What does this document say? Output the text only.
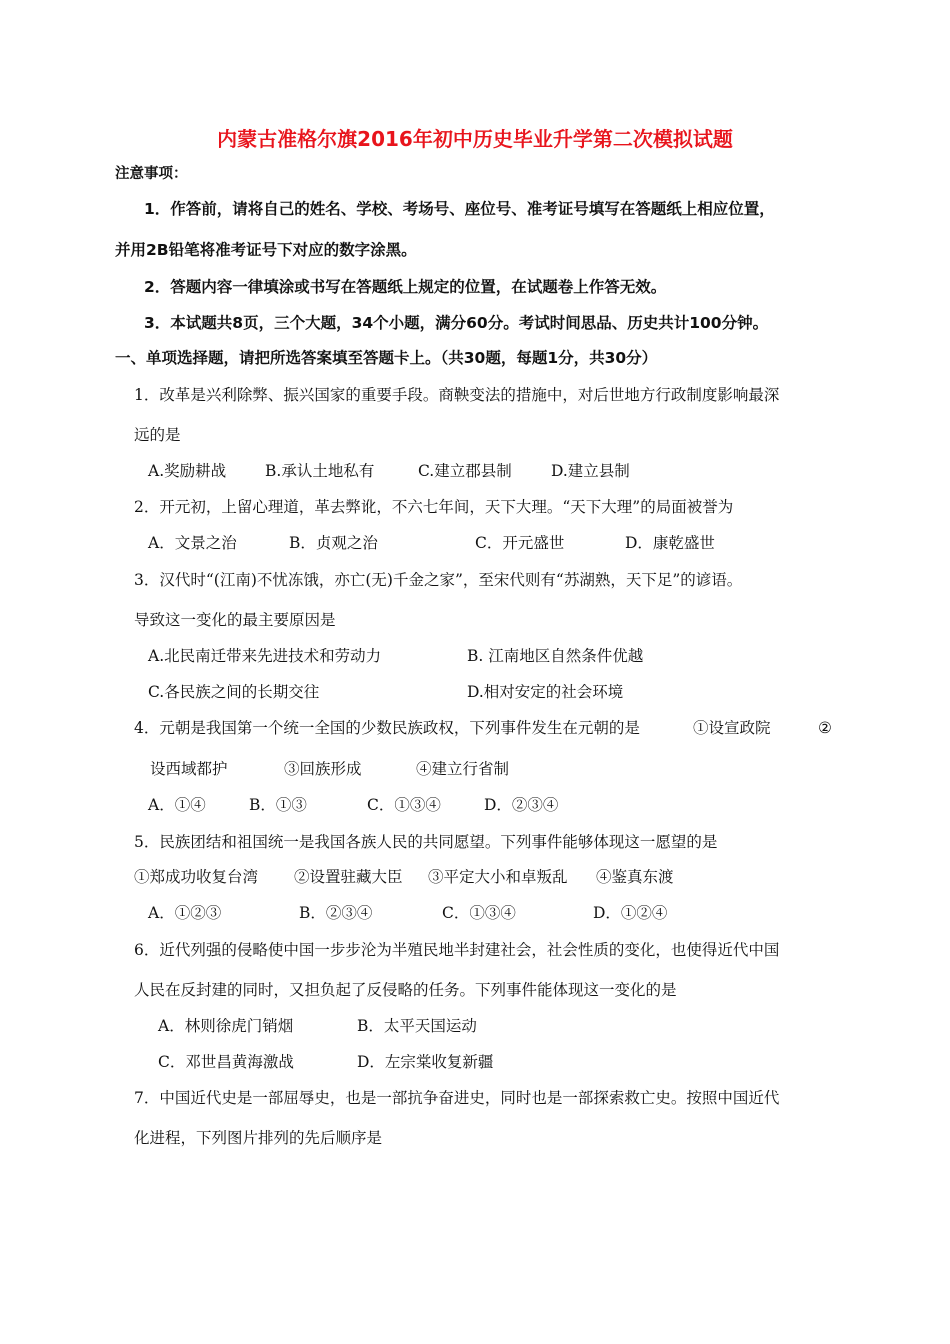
内蒙古准格尔旗2016年初中历史毕业升学第二次模拟试题
注意事项：
1．作答前，请将自己的姓名、学校、考场号、座位号、准考证号填写在答题纸上相应位置，
并用2B铅笔将准考证号下对应的数字涂黑。
2．答题内容一律填涂或书写在答题纸上规定的位置，在试题卷上作答无效。
3．本试题共8页，三个大题，34个小题，满分60分。考试时间思品、历史共计100分钟。
一、单项选择题，请把所选答案填至答题卡上。（共30题，每题1分，共30分）
1．改革是兴利除弊、振兴国家的重要手段。商鞅变法的措施中，对后世地方行政制度影响最深
远的是
A.奖励耕战	B.承认土地私有	C.建立郡县制	D.建立县制
2．开元初，上留心理道，革去弊讹，不六七年间，天下大理。“天下大理”的局面被誉为
A．文景之治	B．贞观之治	C．开元盛世	D．康乾盛世
3．汉代时“(江南)不忧冻饿，亦亡(无)千金之家”，至宋代则有“苏湖熟，天下足”的谚语。
导致这一变化的最主要原因是
A.北民南迁带来先进技术和劳动力	B. 江南地区自然条件优越
C.各民族之间的长期交往	D.相对安定的社会环境
4．元朝是我国第一个统一全国的少数民族政权，下列事件发生在元朝的是	①设宣政院	②
设西域都护	③回族形成	④建立行省制
A．①④	B．①③	C．①③④	D．②③④
5．民族团结和祖国统一是我国各族人民的共同愿望。下列事件能够体现这一愿望的是
①郑成功收复台湾 ②设置驻藏大臣 ③平定大小和卓叛乱 ④鉴真东渡
A．①②③	B．②③④	C．①③④	D．①②④
6．近代列强的侵略使中国一步步沦为半殖民地半封建社会，社会性质的变化，也使得近代中国
人民在反封建的同时，又担负起了反侵略的任务。下列事件能体现这一变化的是
A．林则徐虎门销烟	B．太平天国运动
C．邓世昌黄海激战	D．左宗棠收复新疆
7．中国近代史是一部屈辱史，也是一部抗争奋进史，同时也是一部探索救亡史。按照中国近代
化进程，下列图片排列的先后顺序是
